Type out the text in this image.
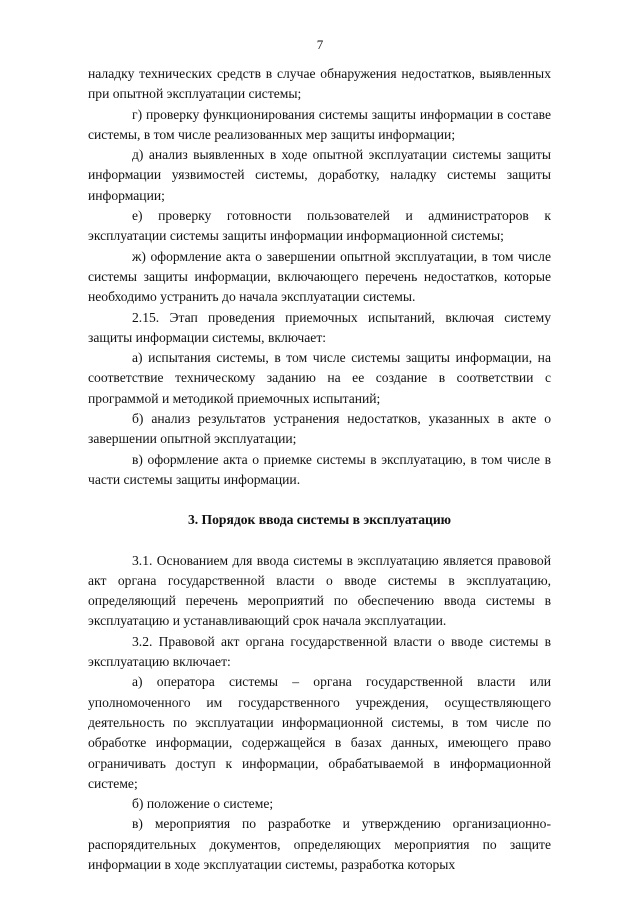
7

наладку технических средств в случае обнаружения недостатков, выявленных при опытной эксплуатации системы;

г) проверку функционирования системы защиты информации в составе системы, в том числе реализованных мер защиты информации;

д) анализ выявленных в ходе опытной эксплуатации системы защиты информации уязвимостей системы, доработку, наладку системы защиты информации;

е) проверку готовности пользователей и администраторов к эксплуатации системы защиты информации информационной системы;

ж) оформление акта о завершении опытной эксплуатации, в том числе системы защиты информации, включающего перечень недостатков, которые необходимо устранить до начала эксплуатации системы.

2.15. Этап проведения приемочных испытаний, включая систему защиты информации системы, включает:

а) испытания системы, в том числе системы защиты информации, на соответствие техническому заданию на ее создание в соответствии с программой и методикой приемочных испытаний;

б) анализ результатов устранения недостатков, указанных в акте о завершении опытной эксплуатации;

в) оформление акта о приемке системы в эксплуатацию, в том числе в части системы защиты информации.

3. Порядок ввода системы в эксплуатацию

3.1. Основанием для ввода системы в эксплуатацию является правовой акт органа государственной власти о вводе системы в эксплуатацию, определяющий перечень мероприятий по обеспечению ввода системы в эксплуатацию и устанавливающий срок начала эксплуатации.

3.2. Правовой акт органа государственной власти о вводе системы в эксплуатацию включает:

а) оператора системы – органа государственной власти или уполномоченного им государственного учреждения, осуществляющего деятельность по эксплуатации информационной системы, в том числе по обработке информации, содержащейся в базах данных, имеющего право ограничивать доступ к информации, обрабатываемой в информационной системе;

б) положение о системе;

в) мероприятия по разработке и утверждению организационно-распорядительных документов, определяющих мероприятия по защите информации в ходе эксплуатации системы, разработка которых
